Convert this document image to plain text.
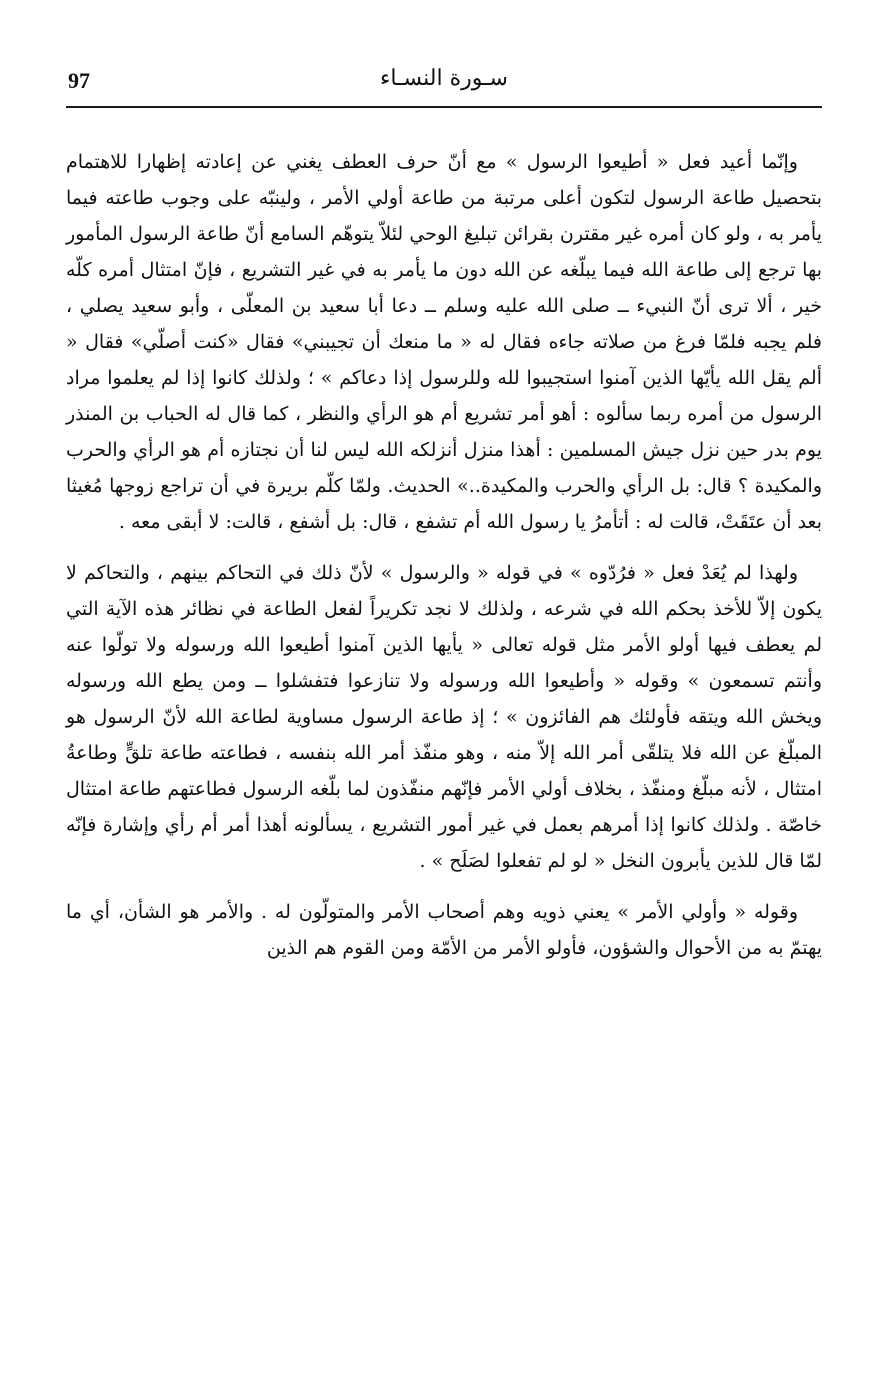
97	سـورة النسـاء

وإنّما أعيد فعل « أطيعوا الرسول » مع أنّ حرف العطف يغني عن إعادته إظهارا للاهتمام بتحصيل طاعة الرسول لتكون أعلى مرتبة من طاعة أولي الأمر ، ولينبّه على وجوب طاعته فيما يأمر به ، ولو كان أمره غير مقترن بقرائن تبليغ الوحي لئلاّ يتوهّم السامع أنّ طاعة الرسول المأمور بها ترجع إلى طاعة الله فيما يبلّغه عن الله دون ما يأمر به في غير التشريع ، فإنّ امتثال أمره كلّه خير ، ألا ترى أنّ النبيء ــ صلى الله عليه وسلم ــ دعا أبا سعيد بن المعلّى ، وأبو سعيد يصلي ، فلم يجبه فلمّا فرغ من صلاته جاءه فقال له « ما منعك أن تجيبني» فقال «كنت أصلّي» فقال « ألم يقل الله يأيّها الذين آمنوا استجيبوا لله وللرسول إذا دعاكم » ؛ ولذلك كانوا إذا لم يعلموا مراد الرسول من أمره ربما سألوه : أهو أمر تشريع أم هو الرأي والنظر ، كما قال له الحباب بن المنذر يوم بدر حين نزل جيش المسلمين : أهذا منزل أنزلكه الله ليس لنا أن نجتازه أم هو الرأي والحرب والمكيدة ؟ قال: بل الرأي والحرب والمكيدة..» الحديث. ولمّا كلّم بريرة في أن تراجع زوجها مُغيثا بعد أن عتَقَتْ، قالت له : أتأمرُ يا رسول الله أم تشفع ، قال: بل أشفع ، قالت: لا أبقى معه .

ولهذا لم يُعَدْ فعل « فرُدّوه » في قوله « والرسول » لأنّ ذلك في التحاكم بينهم ، والتحاكم لا يكون إلاّ للأخذ بحكم الله في شرعه ، ولذلك لا نجد تكريراً لفعل الطاعة في نظائر هذه الآية التي لم يعطف فيها أولو الأمر مثل قوله تعالى « يأيها الذين آمنوا أطيعوا الله ورسوله ولا تولّوا عنه وأنتم تسمعون » وقوله « وأطيعوا الله ورسوله ولا تنازعوا فتفشلوا ــ ومن يطع الله ورسوله ويخش الله ويتقه فأولئك هم الفائزون » ؛ إذ طاعة الرسول مساوية لطاعة الله لأنّ الرسول هو المبلّغ عن الله فلا يتلقّى أمر الله إلاّ منه ، وهو منفّذ أمر الله بنفسه ، فطاعته طاعة تلقٍّ وطاعةُ امتثال ، لأنه مبلّغ ومنفّذ ، بخلاف أولي الأمر فإنّهم منفّذون لما بلّغه الرسول فطاعتهم طاعة امتثال خاصّة . ولذلك كانوا إذا أمرهم بعمل في غير أمور التشريع ، يسألونه أهذا أمر أم رأي وإشارة فإنّه لمّا قال للذين يأبرون النخل « لو لم تفعلوا لصَلَح » .

وقوله « وأولي الأمر » يعني ذويه وهم أصحاب الأمر والمتولّون له . والأمر هو الشأن، أي ما يهتمّ به من الأحوال والشؤون، فأولو الأمر من الأمّة ومن القوم هم الذين
